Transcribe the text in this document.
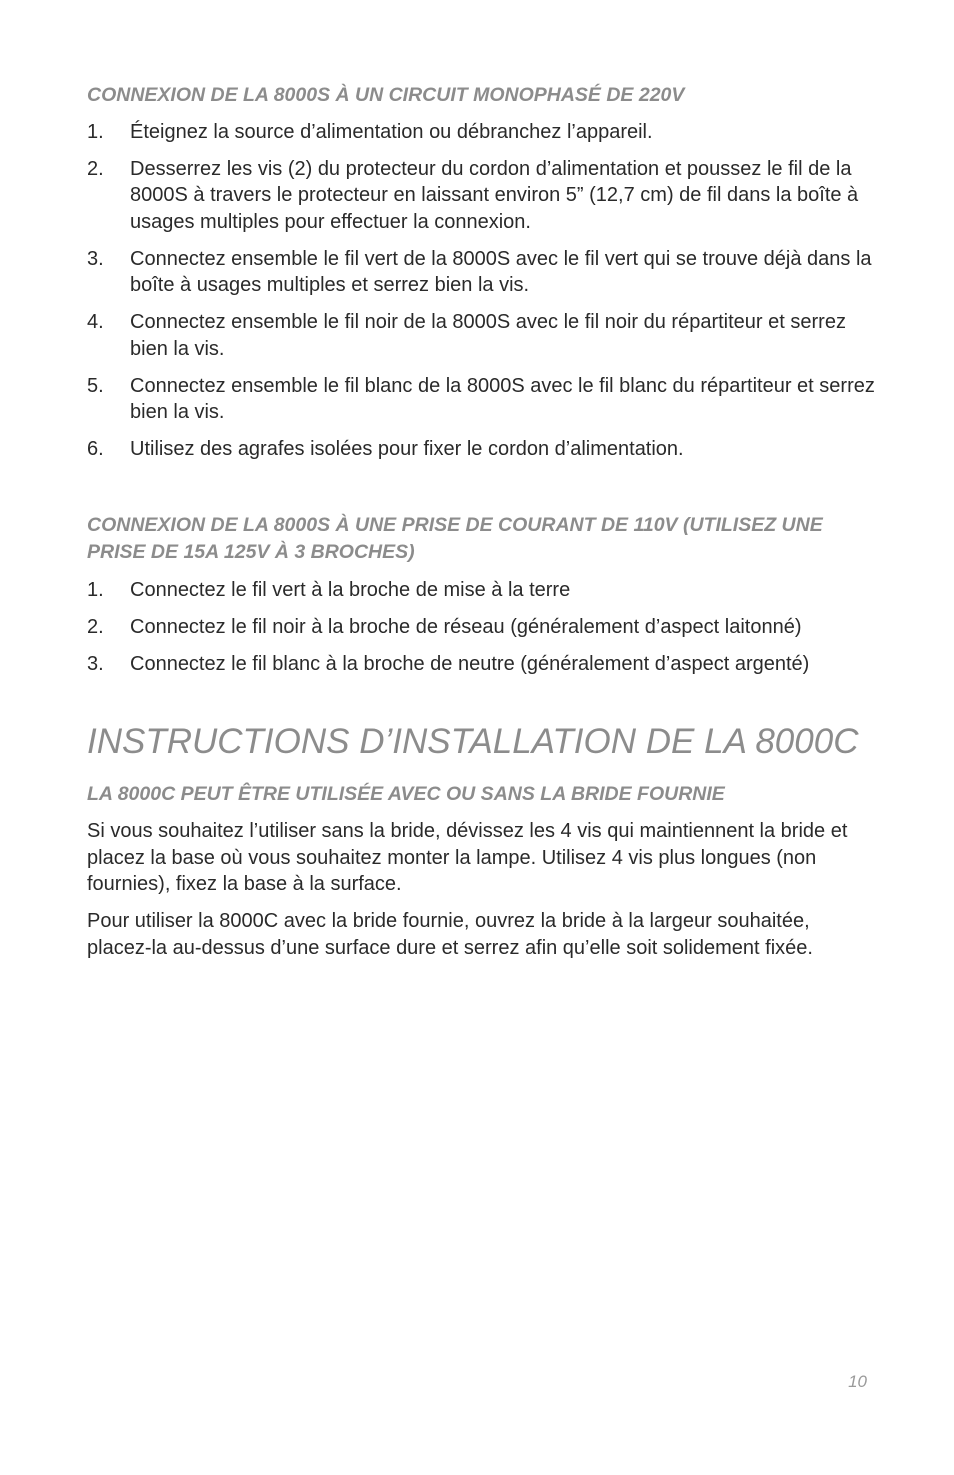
CONNEXION DE LA 8000S À UN CIRCUIT MONOPHASÉ DE 220V
1.	Éteignez la source d’alimentation ou débranchez l’appareil.
2.	Desserrez les vis (2) du protecteur du cordon d’alimentation et poussez le fil de la 8000S à travers le protecteur en laissant environ 5” (12,7 cm) de fil dans la boîte à usages multiples pour effectuer la connexion.
3.	Connectez ensemble le fil vert de la 8000S avec le fil vert qui se trouve déjà dans la boîte à usages multiples et serrez bien la vis.
4.	Connectez ensemble le fil noir de la 8000S avec le fil noir du répartiteur et serrez bien la vis.
5.	Connectez ensemble le fil blanc de la 8000S avec le fil blanc du répartiteur et serrez bien la vis.
6.	Utilisez des agrafes isolées pour fixer le cordon d’alimentation.
CONNEXION DE LA 8000S À UNE PRISE DE COURANT DE 110V (UTILISEZ UNE PRISE DE 15A 125V À 3 BROCHES)
1.	Connectez le fil vert à la broche de mise à la terre
2.	Connectez le fil noir à la broche de réseau (généralement d’aspect laitonné)
3.	Connectez le fil blanc à la broche de neutre (généralement d’aspect argenté)
INSTRUCTIONS D’INSTALLATION DE LA 8000C
LA 8000C PEUT ÊTRE UTILISÉE AVEC OU SANS LA BRIDE FOURNIE

Si vous souhaitez l’utiliser sans la bride, dévissez les 4 vis qui maintiennent la bride et placez la base où vous souhaitez monter la lampe. Utilisez 4 vis plus longues (non fournies), fixez la base à la surface.

Pour utiliser la 8000C avec la bride fournie, ouvrez la bride à la largeur souhaitée, placez-la au-dessus d’une surface dure et serrez afin qu’elle soit solidement fixée.

10
